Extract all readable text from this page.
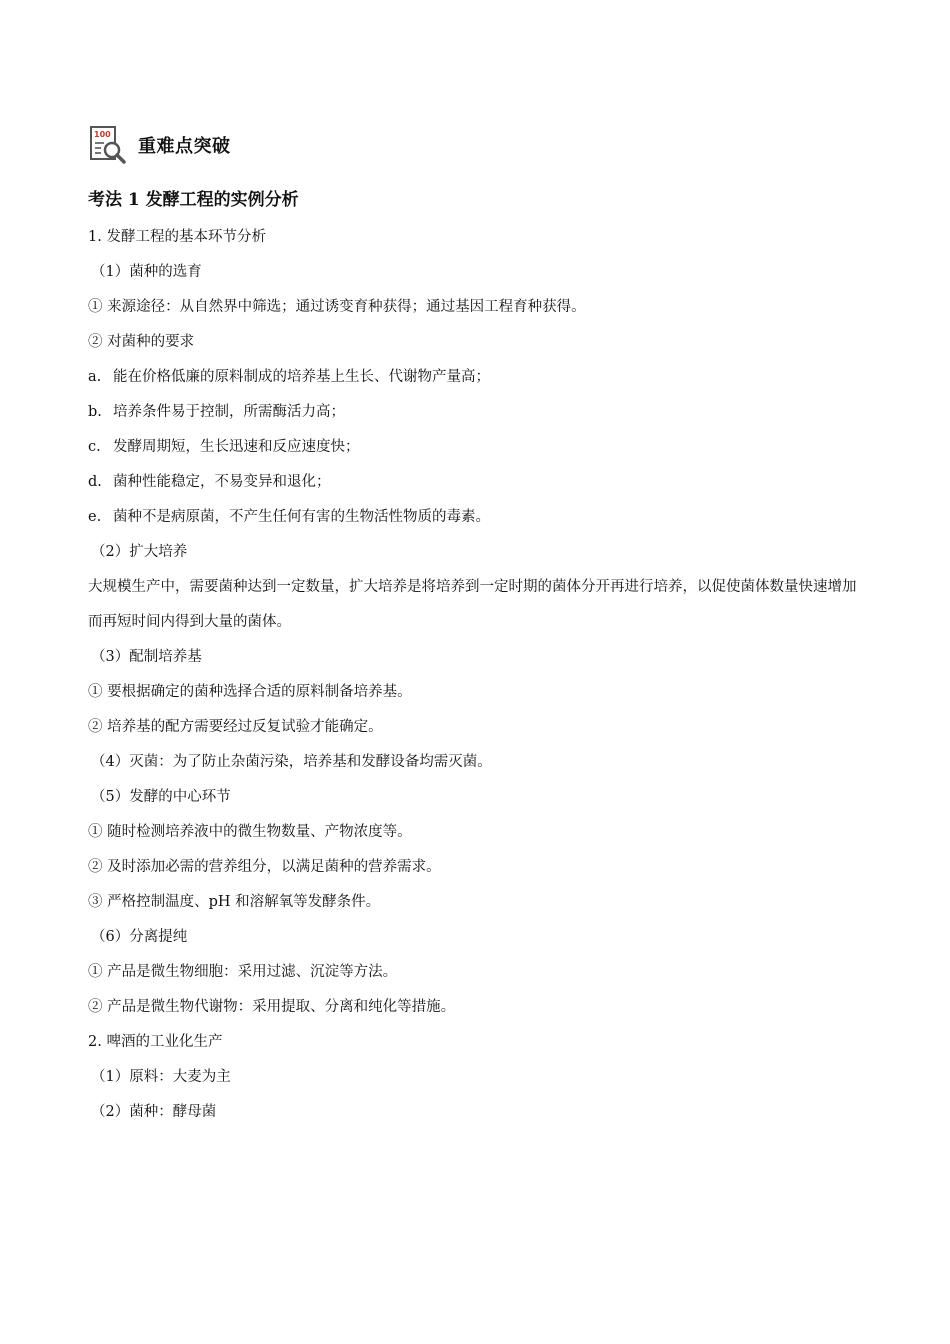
100
重难点突破
考法 1 发酵工程的实例分析
1. 发酵工程的基本环节分析
（1）菌种的选育
① 来源途径：从自然界中筛选；通过诱变育种获得；通过基因工程育种获得。
② 对菌种的要求
a. 能在价格低廉的原料制成的培养基上生长、代谢物产量高；
b. 培养条件易于控制，所需酶活力高；
c. 发酵周期短，生长迅速和反应速度快；
d. 菌种性能稳定，不易变异和退化；
e. 菌种不是病原菌，不产生任何有害的生物活性物质的毒素。
（2）扩大培养
大规模生产中，需要菌种达到一定数量，扩大培养是将培养到一定时期的菌体分开再进行培养，以促使菌体数量快速增加而再短时间内得到大量的菌体。
（3）配制培养基
① 要根据确定的菌种选择合适的原料制备培养基。
② 培养基的配方需要经过反复试验才能确定。
（4）灭菌：为了防止杂菌污染，培养基和发酵设备均需灭菌。
（5）发酵的中心环节
① 随时检测培养液中的微生物数量、产物浓度等。
② 及时添加必需的营养组分，以满足菌种的营养需求。
③ 严格控制温度、pH 和溶解氧等发酵条件。
（6）分离提纯
① 产品是微生物细胞：采用过滤、沉淀等方法。
② 产品是微生物代谢物：采用提取、分离和纯化等措施。
2. 啤酒的工业化生产
（1）原料：大麦为主
（2）菌种：酵母菌
